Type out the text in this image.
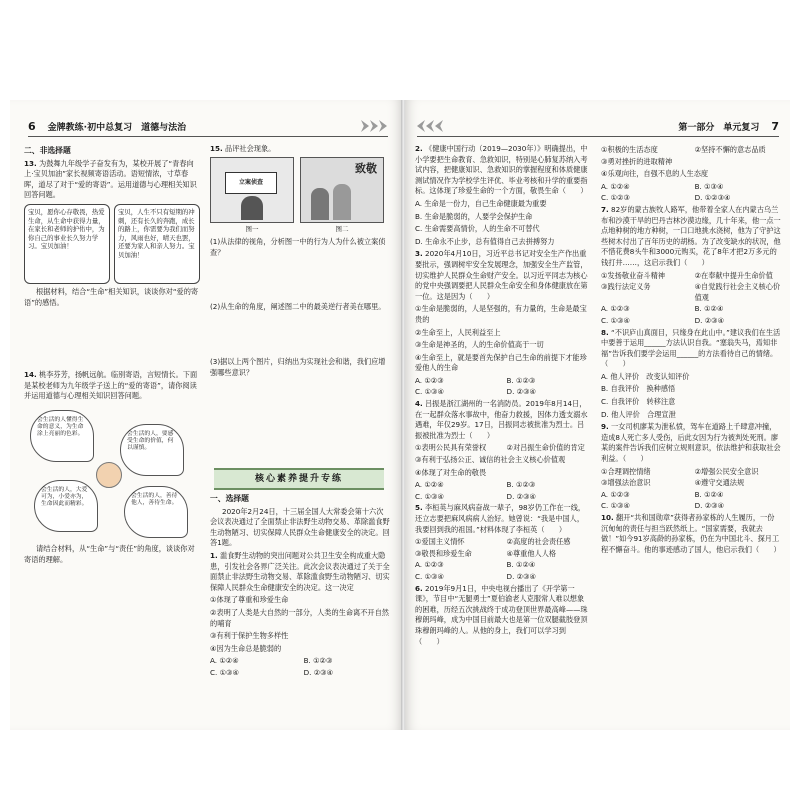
6 金牌教练·初中总复习　道德与法治
二、非选择题
13. 为鼓舞九年级学子奋发有为，某校开展了“青春向上·宝贝加油”家长视频寄语活动。语短情浓，寸草春晖，道尽了对于“爱的寄语”。运用道德与心理相关知识回答问题。
宝贝，愿你心存敬畏，热爱生命，从生命中获得力量，在家长和老师的护佑中，为你自己的事业长久努力学习。宝贝加油！
宝贝，人生不只有短期的冲刺，还有长久的奔跑，成长的路上，你需要为我们而努力，风雨也好，晴天也罢，还要为家人和亲人努力。宝贝加油！
根据材料，结合“生命”相关知识，谈谈你对“爱的寄语”的感悟。
14. 桃李芬芳，扬帆远航。临别寄语，言短情长。下面是某校老师为九年级学子送上的“爱的寄语”，请你阅读并运用道德与心理相关知识回答问题。
会生活的人懂得生命的意义，为生命涂上亮丽的色彩。	会生活的人，要感受生命的价值，何以谨慎。
会生活的人，大爱可为，小爱亦为，生命因此而精彩。
会生活的人，善待他人，善待生命。
请结合材料，从“生命”与“责任”的角度，谈谈你对寄语的理解。
15. 品评社会现象。
立案侦查
图一
致敬
图二
(1)从法律的视角，分析图一中的行为人为什么被立案侦查？
(2)从生命的角度，阐述图二中的最美逆行者美在哪里。
(3)据以上两个图片，归纳出为实现社会和谐，我们应增强哪些意识？
核心素养提升专练
一、选择题
2020年2月24日，十三届全国人大常委会第十六次会议表决通过了全面禁止非法野生动物交易、革除滥食野生动物陋习、切实保障人民群众生命健康安全的决定。回答1题。
1. 滥食野生动物的突出问题对公共卫生安全构成重大隐患，引发社会各界广泛关注。此次会议表决通过了关于全面禁止非法野生动物交易、革除滥食野生动物陋习、切实保障人民群众生命健康安全的决定。这一决定
①体现了尊重和珍爱生命
②表明了人类是大自然的一部分，人类的生命离不开自然的哺育
③有利于保护生物多样性
④因为生命总是脆弱的
A. ①②④	B. ①②③
C. ①③④	D. ②③④
第一部分　单元复习 7
2. 《健康中国行动（2019—2030年）》明确提出，中小学要把生命教育、急救知识，特别是心肺复苏纳入考试内容，把健康知识、急救知识的掌握程度和体质健康测试情况作为学校学生评优、毕业考核和升学的重要指标。这体现了珍爱生命的一个方面，敬畏生命（　　）
A. 生命是一份力，自己生命健康最为重要
B. 生命是脆弱的，人要学会保护生命
C. 生命需要高情价，人的生命不可替代
D. 生命永不止步，总有值得自己去拼搏努力
3. 2020年4月10日，习近平总书记对安全生产作出重要批示，强调树牢安全发展理念，加强安全生产监管，切实维护人民群众生命财产安全。以习近平同志为核心的党中央强调要把人民群众生命安全和身体健康放在第一位。这是因为（　　）
①生命是脆弱的，人是坚强的，有力量的，生命是最宝贵的
②生命至上，人民利益至上
③生命是神圣的，人的生命价值高于一切
④生命至上，就是要首先保护自己生命的前提下才能珍爱他人的生命
A. ①②③	B. ①②③
C. ①③④	D. ②③④
4. 吕振是浙江湖州的一名消防员。2019年8月14日，在一起群众落水事故中，他奋力救援，因体力透支溺水遇难，年仅29岁。17日，吕振同志被批准为烈士。吕振被批准为烈士（　　）
①表明公民具有荣誉权	②对吕振生命价值的肯定
③有利于弘扬公正、诚信的社会主义核心价值观
④体现了对生命的敬畏
A. ①②④	B. ①②③
C. ①③④	D. ②③④
5. 李桓英与麻风病奋战一辈子，98岁仍工作在一线，还立志要把麻风病病人治好。她曾说：“我是中国人，我要回到我的祖国。”材料体现了李桓英（　　）
①爱国主义情怀	②高度的社会责任感
③敬畏和珍爱生命	④尊重他人人格
A. ①②③	B. ①②④
C. ①③④	D. ②③④
6. 2019年9月1日，中央电视台播出了《开学第一课》，节目中“无腿勇士”夏伯渝老人克服常人难以想象的困难，历经五次挑战终于成功登顶世界最高峰——珠穆朗玛峰，成为中国目前最大也是第一位双腿截肢登顶珠穆朗玛峰的人。从他的身上，我们可以学习到（　　）
①积极的生活态度	②坚持不懈的意志品质
③勇对挫折的进取精神
④乐观向往，自强不息的人生态度
A. ①②④	B. ①③④
C. ①②③	D. ①②③④
7. 82岁的蒙古族牧人路军，他带着全家人在内蒙古乌兰布和沙漠干旱的巴丹吉林沙漠边缘，几十年来，他一点一点地种树的地方种树，一口口地挑水浇树，他为了守护这些树木付出了百年历史的胡杨。为了改变缺水的状况，他不惜花费8头牛和3000元购买，花了8年才把2万多元的钱打井……，这启示我们（　　）
①发扬敬业奋斗精神	②在奉献中提升生命价值
③践行法定义务	④自觉践行社会主义核心价值观
A. ①②③	B. ①②④
C. ①③④	D. ②③④
8. “不识庐山真面目，只缘身在此山中。”建议我们在生活中要善于运用______方法认识自我。“塞翁失马，焉知非福”告诉我们要学会运用______的方法看待自己的情绪。（　　）
A. 他人评价　改变认知评价
B. 自我评价　换种感悟
C. 自我评价　转移注意
D. 他人评价　合理宣泄
9. 一女司机廖某为泄私愤，驾车在道路上千肆意冲撞，造成8人死亡多人受伤，后此女因为行为被判处死刑。廖某的案件告诉我们应树立规则意识，依法维护和获取社会利益。（　　）
①合理调控情绪	②增强公民安全意识
③增强法治意识	④遵守交通法规
A. ①②③	B. ①②④
C. ①③④	D. ②③④
10. 翻开“共和国勋章”获得者孙家栋的人生履历，一份沉甸甸的责任与担当跃然纸上。“国家需要，我就去做！”如今91岁高龄的孙家栋，仍在为中国北斗、探月工程不懈奋斗。他的事迹感动了国人，他启示我们（　　）
